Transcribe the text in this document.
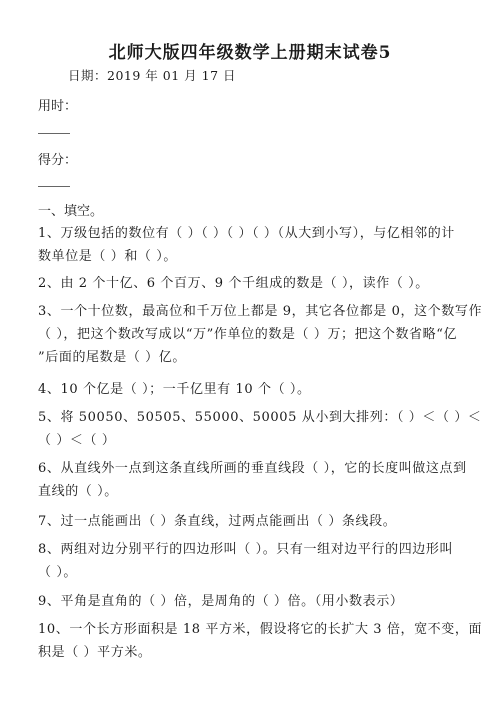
北师大版四年级数学上册期末试卷5
日期：2019 年 01 月 17 日
用时：
得分：
一、填空。
1、万级包括的数位有（ ）（ ）（ ）（ ）（从大到小写），与亿相邻的计
数单位是（ ）和（ ）。
2、由 2 个十亿、6 个百万、9 个千组成的数是（ ），读作（ ）。
3、一个十位数，最高位和千万位上都是 9，其它各位都是 0，这个数写作
（ ），把这个数改写成以“万”作单位的数是（ ）万；把这个数省略“亿
”后面的尾数是（ ）亿。
4、10 个亿是（ ）；一千亿里有 10 个（ ）。
5、将 50050、50505、55000、50005 从小到大排列：（ ）＜（ ）＜
（ ）＜（ ）
6、从直线外一点到这条直线所画的垂直线段（ ），它的长度叫做这点到
直线的（ ）。
7、过一点能画出（ ）条直线，过两点能画出（ ）条线段。
8、两组对边分别平行的四边形叫（ ）。只有一组对边平行的四边形叫
（ ）。
9、平角是直角的（ ）倍，是周角的（ ）倍。（用小数表示）
10、一个长方形面积是 18 平方米，假设将它的长扩大 3 倍，宽不变，面
积是（ ）平方米。
